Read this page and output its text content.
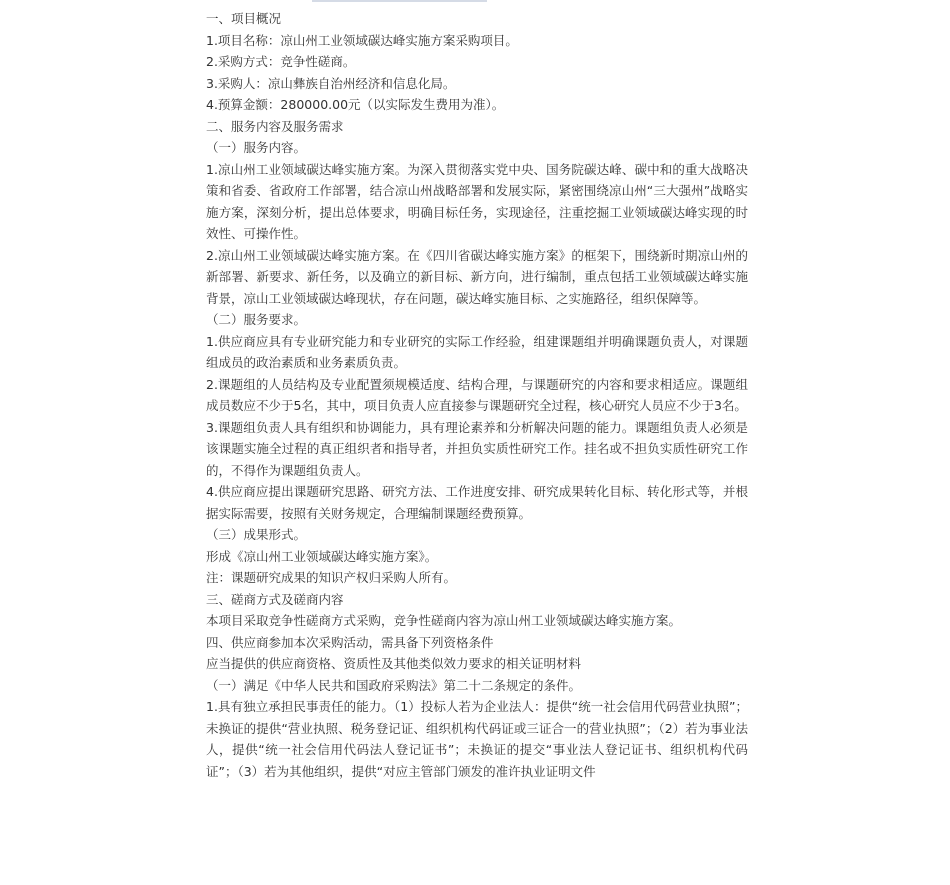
一、项目概况

1.项目名称：凉山州工业领域碳达峰实施方案采购项目。

2.采购方式：竞争性磋商。

3.采购人：凉山彝族自治州经济和信息化局。

4.预算金额：280000.00元（以实际发生费用为准）。

二、服务内容及服务需求

（一）服务内容。

1.凉山州工业领域碳达峰实施方案。为深入贯彻落实党中央、国务院碳达峰、碳中和的重大战略决策和省委、省政府工作部署，结合凉山州战略部署和发展实际，紧密围绕凉山州“三大强州”战略实施方案，深刻分析，提出总体要求，明确目标任务，实现途径，注重挖掘工业领域碳达峰实现的时效性、可操作性。

2.凉山州工业领域碳达峰实施方案。在《四川省碳达峰实施方案》的框架下，围绕新时期凉山州的新部署、新要求、新任务，以及确立的新目标、新方向，进行编制，重点包括工业领域碳达峰实施背景，凉山工业领域碳达峰现状，存在问题，碳达峰实施目标、之实施路径，组织保障等。

（二）服务要求。

1.供应商应具有专业研究能力和专业研究的实际工作经验，组建课题组并明确课题负责人，对课题组成员的政治素质和业务素质负责。

2.课题组的人员结构及专业配置须规模适度、结构合理，与课题研究的内容和要求相适应。课题组成员数应不少于5名，其中，项目负责人应直接参与课题研究全过程，核心研究人员应不少于3名。

3.课题组负责人具有组织和协调能力，具有理论素养和分析解决问题的能力。课题组负责人必须是该课题实施全过程的真正组织者和指导者，并担负实质性研究工作。挂名或不担负实质性研究工作的，不得作为课题组负责人。

4.供应商应提出课题研究思路、研究方法、工作进度安排、研究成果转化目标、转化形式等，并根据实际需要，按照有关财务规定，合理编制课题经费预算。

（三）成果形式。

形成《凉山州工业领域碳达峰实施方案》。

注：课题研究成果的知识产权归采购人所有。

三、磋商方式及磋商内容

本项目采取竞争性磋商方式采购，竞争性磋商内容为凉山州工业领域碳达峰实施方案。

四、供应商参加本次采购活动，需具备下列资格条件

应当提供的供应商资格、资质性及其他类似效力要求的相关证明材料

（一）满足《中华人民共和国政府采购法》第二十二条规定的条件。

1.具有独立承担民事责任的能力。（1）投标人若为企业法人：提供“统一社会信用代码营业执照”；未换证的提供“营业执照、税务登记证、组织机构代码证或三证合一的营业执照”；（2）若为事业法人，提供“统一社会信用代码法人登记证书”；未换证的提交“事业法人登记证书、组织机构代码证”；（3）若为其他组织，提供“对应主管部门颁发的准许执业证明文件
